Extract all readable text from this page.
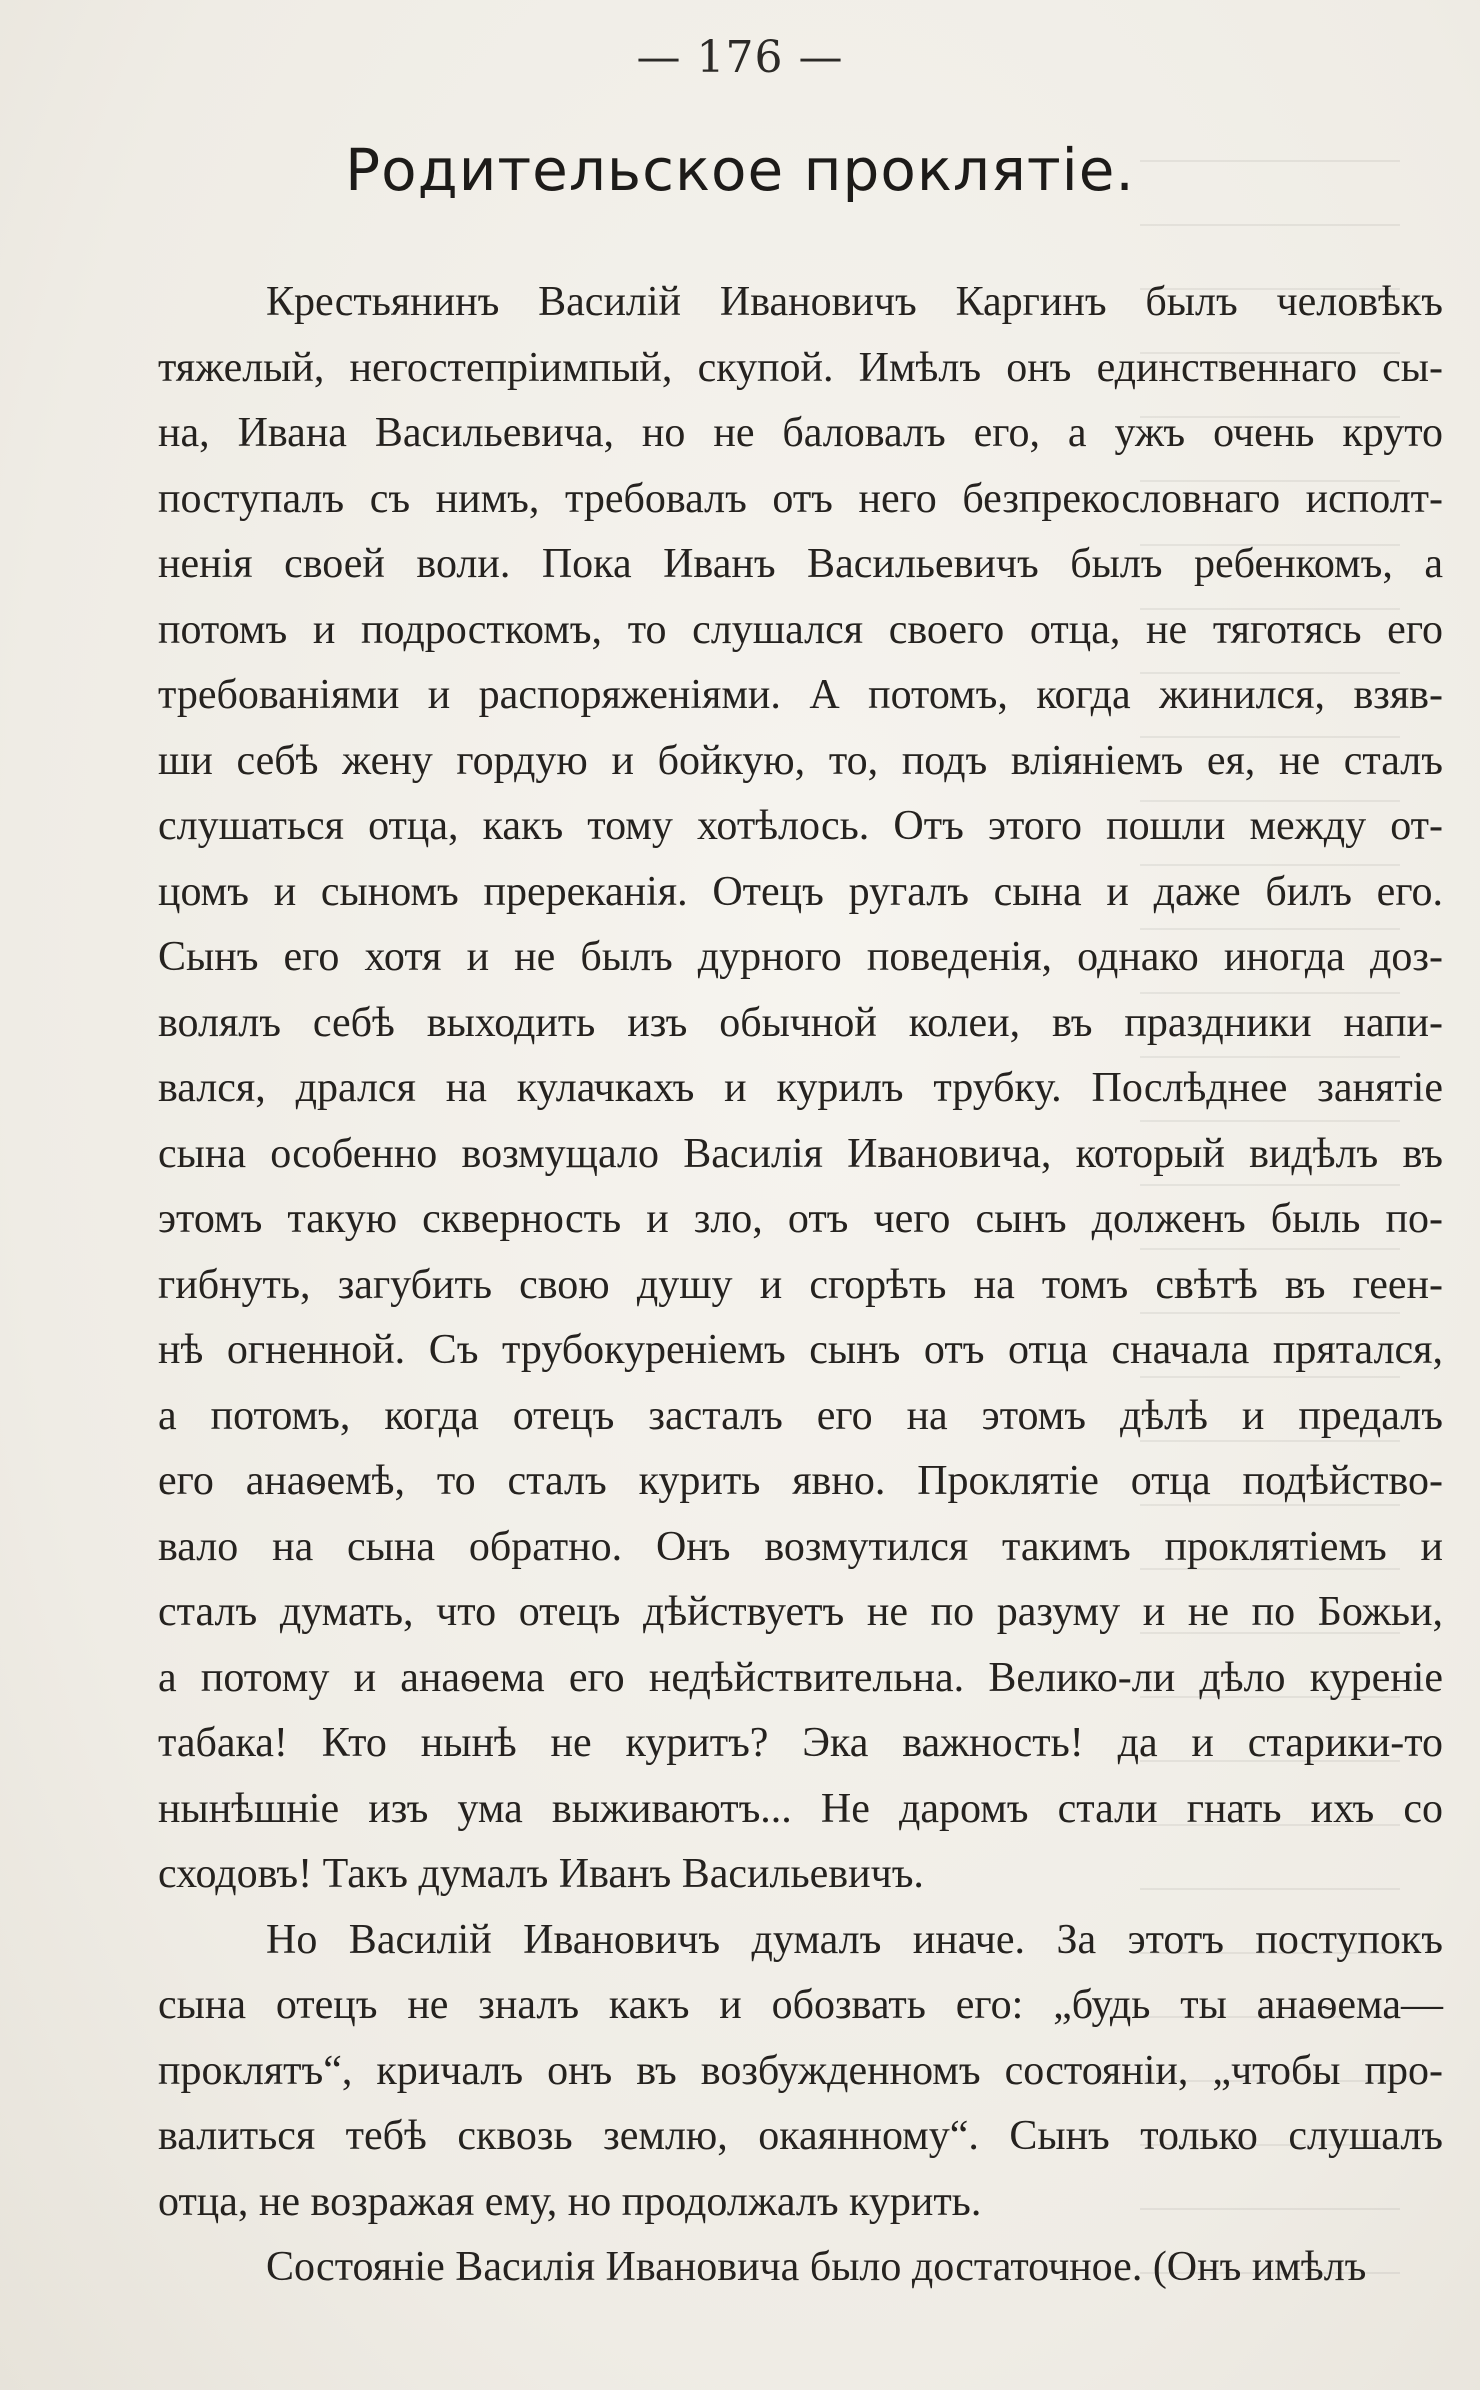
— 176 —
Родительское проклятіе.
Крестьянинъ Василій Ивановичъ Каргинъ былъ человѣкъ
тяжелый, негостепріимпый, скупой. Имѣлъ онъ единственнаго сы-
на, Ивана Васильевича, но не баловалъ его, а ужъ очень круто
поступалъ съ нимъ, требовалъ отъ него безпрекословнаго исполт-
ненія своей воли. Пока Иванъ Васильевичъ былъ ребенкомъ, а
потомъ и подросткомъ, то слушался своего отца, не тяготясь его
требованіями и распоряженіями. А потомъ, когда жинился, взяв-
ши себѣ жену гордую и бойкую, то, подъ вліяніемъ ея, не сталъ
слушаться отца, какъ тому хотѣлось. Отъ этого пошли между от-
цомъ и сыномъ пререканія. Отецъ ругалъ сына и даже билъ его.
Сынъ его хотя и не былъ дурного поведенія, однако иногда доз-
волялъ себѣ выходить изъ обычной колеи, въ праздники напи-
вался, дрался на кулачкахъ и курилъ трубку. Послѣднее занятіе
сына особенно возмущало Василія Ивановича, который видѣлъ въ
этомъ такую скверность и зло, отъ чего сынъ долженъ быль по-
гибнуть, загубить свою душу и сгорѣть на томъ свѣтѣ въ геен-
нѣ огненной. Съ трубокуреніемъ сынъ отъ отца сначала прятался,
а потомъ, когда отецъ засталъ его на этомъ дѣлѣ и предалъ
его анаѳемѣ, то сталъ курить явно. Проклятіе отца подѣйство-
вало на сына обратно. Онъ возмутился такимъ проклятіемъ и
сталъ думать, что отецъ дѣйствуетъ не по разуму и не по Божьи,
а потому и анаѳема его недѣйствительна. Велико-ли дѣло куреніе
табака! Кто нынѣ не куритъ? Эка важность! да и старики-то
нынѣшніе изъ ума выживаютъ... Не даромъ стали гнать ихъ со
сходовъ! Такъ думалъ Иванъ Васильевичъ.
Но Василій Ивановичъ думалъ иначе. За этотъ поступокъ
сына отецъ не зналъ какъ и обозвать его: „будь ты анаѳема—
проклятъ“, кричалъ онъ въ возбужденномъ состояніи, „чтобы про-
валиться тебѣ сквозь землю, окаянному“. Сынъ только слушалъ
отца, не возражая ему, но продолжалъ курить.
Состояніе Василія Ивановича было достаточное. (Онъ имѣлъ
